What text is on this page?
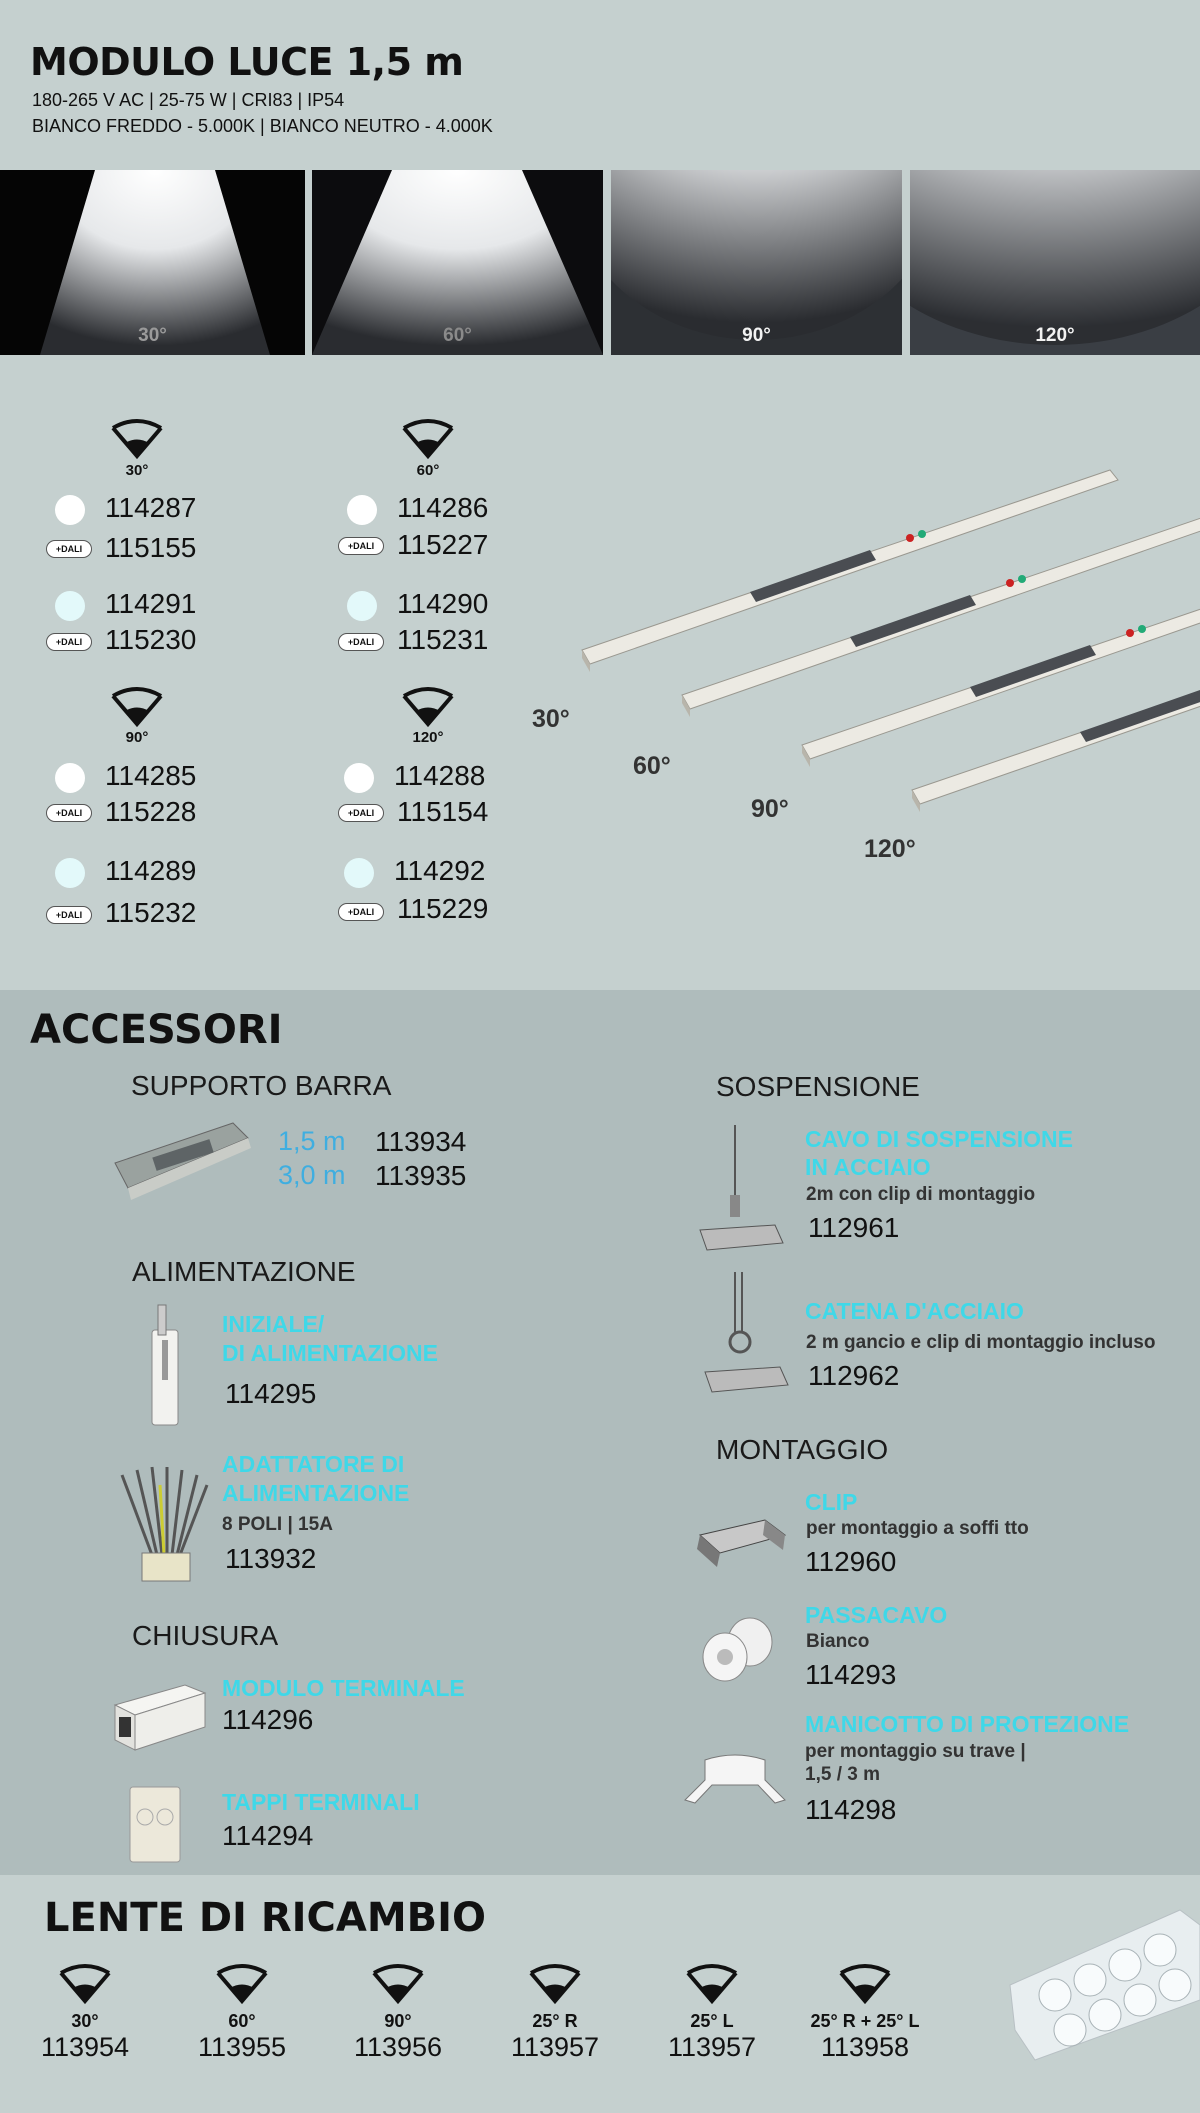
MODULO LUCE 1,5 m
180-265 V AC | 25-75 W | CRI83 | IP54
BIANCO FREDDO - 5.000K | BIANCO NEUTRO - 4.000K
30°	60°	90°	120°
30°
114287
+DALI 115155
114291
+DALI 115230
60°
114286
+DALI 115227
114290
+DALI 115231
90°
114285
+DALI 115228
114289
+DALI 115232
120°
114288
+DALI 115154
114292
+DALI 115229
30°
60°
90°
120°
ACCESSORI
SUPPORTO BARRA
1,5 m 113934
3,0 m 113935
ALIMENTAZIONE
INIZIALE/
DI ALIMENTAZIONE
114295
ADATTATORE DI
ALIMENTAZIONE
8 POLI | 15A
113932
CHIUSURA
MODULO TERMINALE
114296
TAPPI TERMINALI
114294
SOSPENSIONE
CAVO DI SOSPENSIONE
IN ACCIAIO
2m con clip di montaggio
112961
CATENA D'ACCIAIO
2 m gancio e clip di montaggio incluso
112962
MONTAGGIO
CLIP
per montaggio a soffi tto
112960
PASSACAVO
Bianco
114293
MANICOTTO DI PROTEZIONE
per montaggio su trave |
1,5 / 3 m
114298
LENTE DI RICAMBIO
30°
113954
60°
113955
90°
113956
25° R
113957
25° L
113957
25° R + 25° L
113958
